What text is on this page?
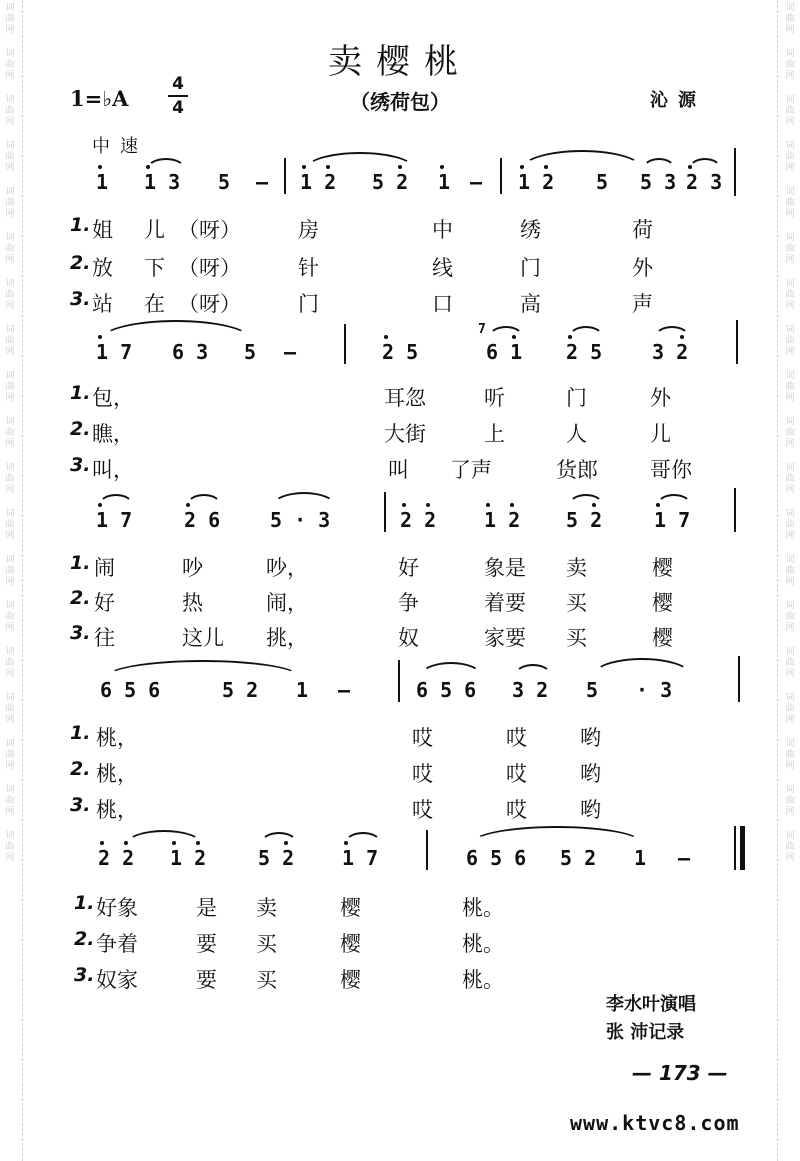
词
曲
网
词
曲
网
词
曲
网
词
曲
网
词
曲
网
词
曲
网
词
曲
网
词
曲
网
词
曲
网
词
曲
网
词
曲
网
词
曲
网
词
曲
网
词
曲
网
词
曲
网
词
曲
网
词
曲
网
词
曲
网
词
曲
网
词
曲
网
词
曲
网
词
曲
网
词
曲
网
词
曲
网
词
曲
网
词
曲
网
词
曲
网
词
曲
网
词
曲
网
词
曲
网
词
曲
网
词
曲
网
词
曲
网
词
曲
网
词
曲
网
词
曲
网
词
曲
网
词
曲
网
卖樱桃
1=♭A
4
4	（绣荷包）	沁源
中速
1 1 3 5 – 1 2 5 2 1 – 1 2 5 5 3 2 3
1. 姐 儿 （呀）	房	中	绣	荷
2. 放 下 （呀）	针	线	门	外
3. 站 在 （呀）	门	口	高	声
1 7 6 3 5 –	2 5
7
6 1 2 5 3 2
1. 包，	耳忽	听	门	外
2. 瞧，	大街	上	人	儿
3. 叫，	叫 了声	货郎 哥你
1 7	2 6 5 · 3	2 2 1 2 5 2	1 7
1. 闹	吵	吵，	好	象是 卖	樱
2. 好	热	闹，	争	着要 买	樱
3. 往	这儿 挑，	奴	家要 买	樱
6 5 6	5 2 1 –	6 5 6 3 2 5 · 3
1. 桃，	哎	哎	哟
2. 桃，	哎	哎	哟
3. 桃，	哎	哎	哟
2 2 1 2	5 2 1 7	6 5 6 5 2 1 –
1. 好象	是 卖	樱	桃。
2. 争着	要 买	樱	桃。
3. 奴家	要 买	樱	桃。
李水叶演唱
张 沛记录
— 173 —
www.ktvc8.com
